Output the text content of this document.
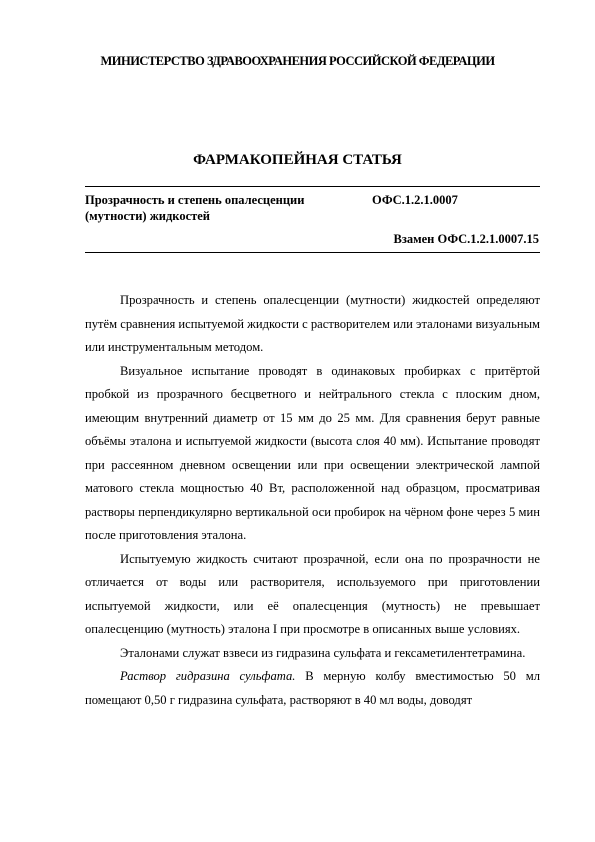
МИНИСТЕРСТВО ЗДРАВООХРАНЕНИЯ РОССИЙСКОЙ ФЕДЕРАЦИИ
ФАРМАКОПЕЙНАЯ СТАТЬЯ
Прозрачность и степень опалесценции
(мутности) жидкостей
ОФС.1.2.1.0007
Взамен ОФС.1.2.1.0007.15

Прозрачность и степень опалесценции (мутности) жидкостей определяют путём сравнения испытуемой жидкости с растворителем или эталонами визуальным или инструментальным методом.

Визуальное испытание проводят в одинаковых пробирках с притёртой пробкой из прозрачного бесцветного и нейтрального стекла с плоским дном, имеющим внутренний диаметр от 15 мм до 25 мм. Для сравнения берут равные объёмы эталона и испытуемой жидкости (высота слоя 40 мм). Испытание проводят при рассеянном дневном освещении или при освещении электрической лампой матового стекла мощностью 40 Вт, расположенной над образцом, просматривая растворы перпендикулярно вертикальной оси пробирок на чёрном фоне через 5 мин после приготовления эталона.

Испытуемую жидкость считают прозрачной, если она по прозрачности не отличается от воды или растворителя, используемого при приготовлении испытуемой жидкости, или её опалесценция (мутность) не превышает опалесценцию (мутность) эталона I при просмотре в описанных выше условиях.

Эталонами служат взвеси из гидразина сульфата и гексаметилентетрамина.

Раствор гидразина сульфата. В мерную колбу вместимостью 50 мл помещают 0,50 г гидразина сульфата, растворяют в 40 мл воды, доводят
